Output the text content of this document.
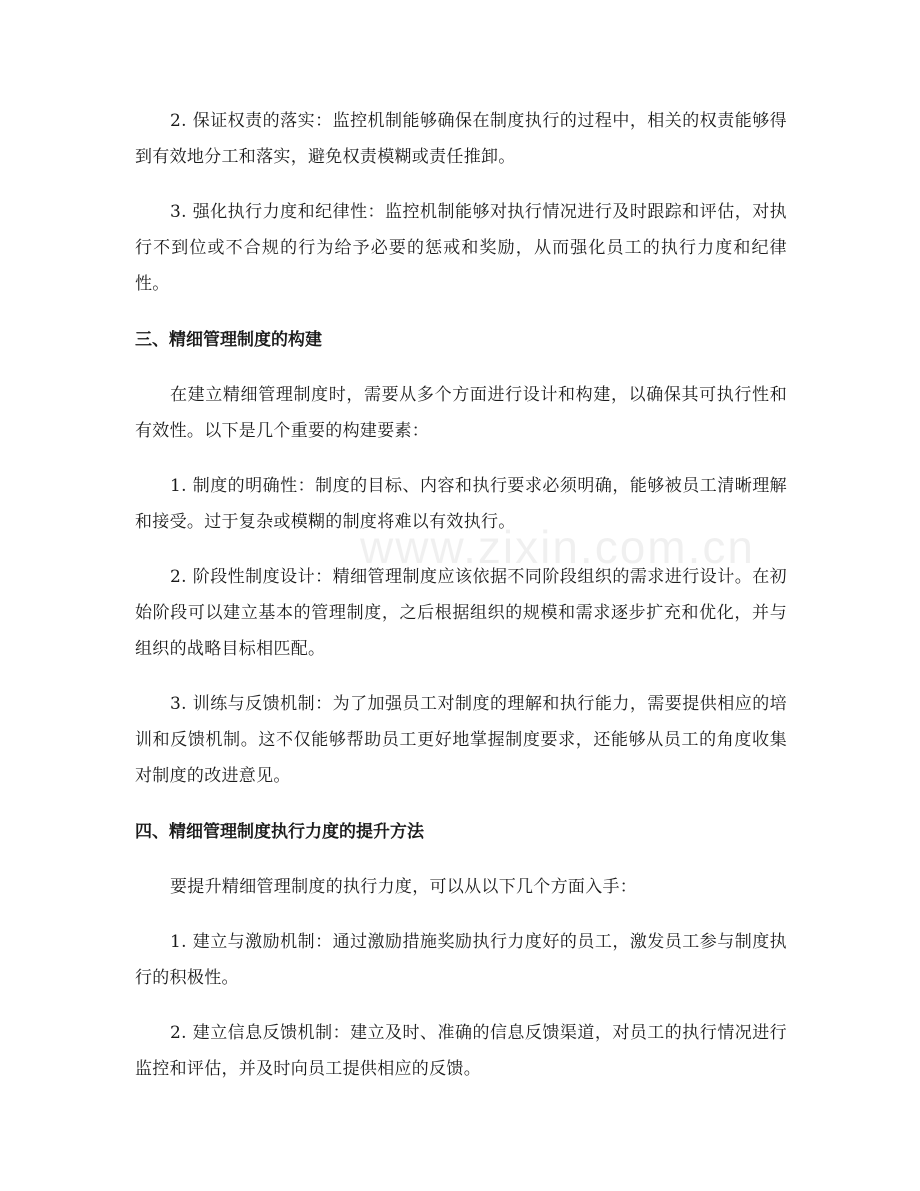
www.zixin.com.cn

2. 保证权责的落实：监控机制能够确保在制度执行的过程中，相关的权责能够得到有效地分工和落实，避免权责模糊或责任推卸。

3. 强化执行力度和纪律性：监控机制能够对执行情况进行及时跟踪和评估，对执行不到位或不合规的行为给予必要的惩戒和奖励，从而强化员工的执行力度和纪律性。

三、精细管理制度的构建

在建立精细管理制度时，需要从多个方面进行设计和构建，以确保其可执行性和有效性。以下是几个重要的构建要素：

1. 制度的明确性：制度的目标、内容和执行要求必须明确，能够被员工清晰理解和接受。过于复杂或模糊的制度将难以有效执行。

2. 阶段性制度设计：精细管理制度应该依据不同阶段组织的需求进行设计。在初始阶段可以建立基本的管理制度，之后根据组织的规模和需求逐步扩充和优化，并与组织的战略目标相匹配。

3. 训练与反馈机制：为了加强员工对制度的理解和执行能力，需要提供相应的培训和反馈机制。这不仅能够帮助员工更好地掌握制度要求，还能够从员工的角度收集对制度的改进意见。

四、精细管理制度执行力度的提升方法

要提升精细管理制度的执行力度，可以从以下几个方面入手：

1. 建立与激励机制：通过激励措施奖励执行力度好的员工，激发员工参与制度执行的积极性。

2. 建立信息反馈机制：建立及时、准确的信息反馈渠道，对员工的执行情况进行监控和评估，并及时向员工提供相应的反馈。
